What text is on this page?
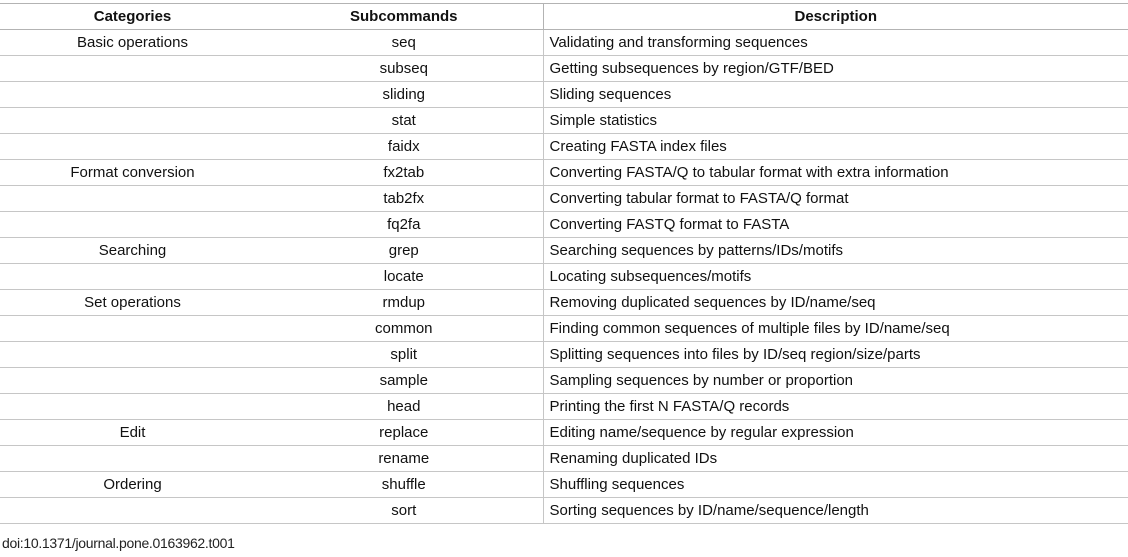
Categories	Subcommands	Description
Basic operations	seq	Validating and transforming sequences
	subseq	Getting subsequences by region/GTF/BED
	sliding	Sliding sequences
	stat	Simple statistics
	faidx	Creating FASTA index files
Format conversion	fx2tab	Converting FASTA/Q to tabular format with extra information
	tab2fx	Converting tabular format to FASTA/Q format
	fq2fa	Converting FASTQ format to FASTA
Searching	grep	Searching sequences by patterns/IDs/motifs
	locate	Locating subsequences/motifs
Set operations	rmdup	Removing duplicated sequences by ID/name/seq
	common	Finding common sequences of multiple files by ID/name/seq
	split	Splitting sequences into files by ID/seq region/size/parts
	sample	Sampling sequences by number or proportion
	head	Printing the first N FASTA/Q records
Edit	replace	Editing name/sequence by regular expression
	rename	Renaming duplicated IDs
Ordering	shuffle	Shuffling sequences
	sort	Sorting sequences by ID/name/sequence/length
doi:10.1371/journal.pone.0163962.t001
